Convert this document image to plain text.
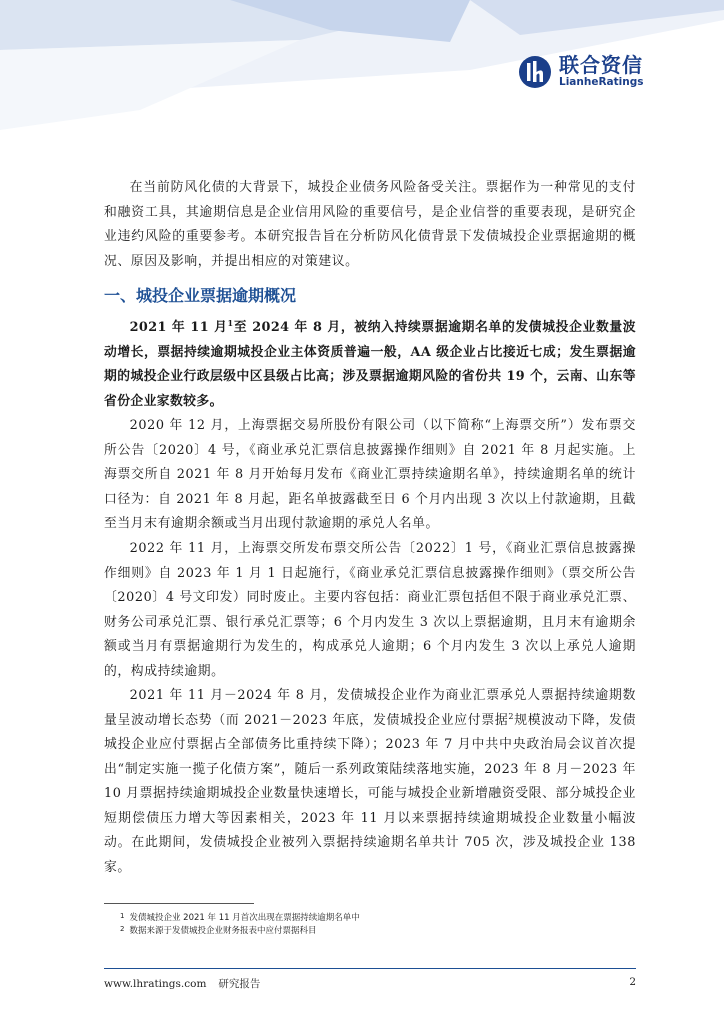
联合资信
LianheRatings

在当前防风化债的大背景下，城投企业债务风险备受关注。票据作为一种常见的支付和融资工具，其逾期信息是企业信用风险的重要信号，是企业信誉的重要表现，是研究企业违约风险的重要参考。本研究报告旨在分析防风化债背景下发债城投企业票据逾期的概况、原因及影响，并提出相应的对策建议。

一、城投企业票据逾期概况

2021 年 11 月$^1$至 2024 年 8 月，被纳入持续票据逾期名单的发债城投企业数量波动增长，票据持续逾期城投企业主体资质普遍一般，AA 级企业占比接近七成；发生票据逾期的城投企业行政层级中区县级占比高；涉及票据逾期风险的省份共 19 个，云南、山东等省份企业家数较多。

2020 年 12 月，上海票据交易所股份有限公司（以下简称“上海票交所”）发布票交所公告〔2020〕4 号，《商业承兑汇票信息披露操作细则》自 2021 年 8 月起实施。上海票交所自 2021 年 8 月开始每月发布《商业汇票持续逾期名单》，持续逾期名单的统计口径为：自 2021 年 8 月起，距名单披露截至日 6 个月内出现 3 次以上付款逾期，且截至当月末有逾期余额或当月出现付款逾期的承兑人名单。

2022 年 11 月，上海票交所发布票交所公告〔2022〕1 号，《商业汇票信息披露操作细则》自 2023 年 1 月 1 日起施行，《商业承兑汇票信息披露操作细则》（票交所公告〔2020〕4 号文印发）同时废止。主要内容包括：商业汇票包括但不限于商业承兑汇票、财务公司承兑汇票、银行承兑汇票等；6 个月内发生 3 次以上票据逾期，且月末有逾期余额或当月有票据逾期行为发生的，构成承兑人逾期；6 个月内发生 3 次以上承兑人逾期的，构成持续逾期。

2021 年 11 月－2024 年 8 月，发债城投企业作为商业汇票承兑人票据持续逾期数量呈波动增长态势（而 2021－2023 年底，发债城投企业应付票据$^2$规模波动下降，发债城投企业应付票据占全部债务比重持续下降）；2023 年 7 月中共中央政治局会议首次提出“制定实施一揽子化债方案”，随后一系列政策陆续落地实施，2023 年 8 月－2023 年 10 月票据持续逾期城投企业数量快速增长，可能与城投企业新增融资受限、部分城投企业短期偿债压力增大等因素相关，2023 年 11 月以来票据持续逾期城投企业数量小幅波动。在此期间，发债城投企业被列入票据持续逾期名单共计 705 次，涉及城投企业 138 家。

$^1$ 发债城投企业 2021 年 11 月首次出现在票据持续逾期名单中

$^2$ 数据来源于发债城投企业财务报表中应付票据科目

www.lhratings.com 研究报告	2
